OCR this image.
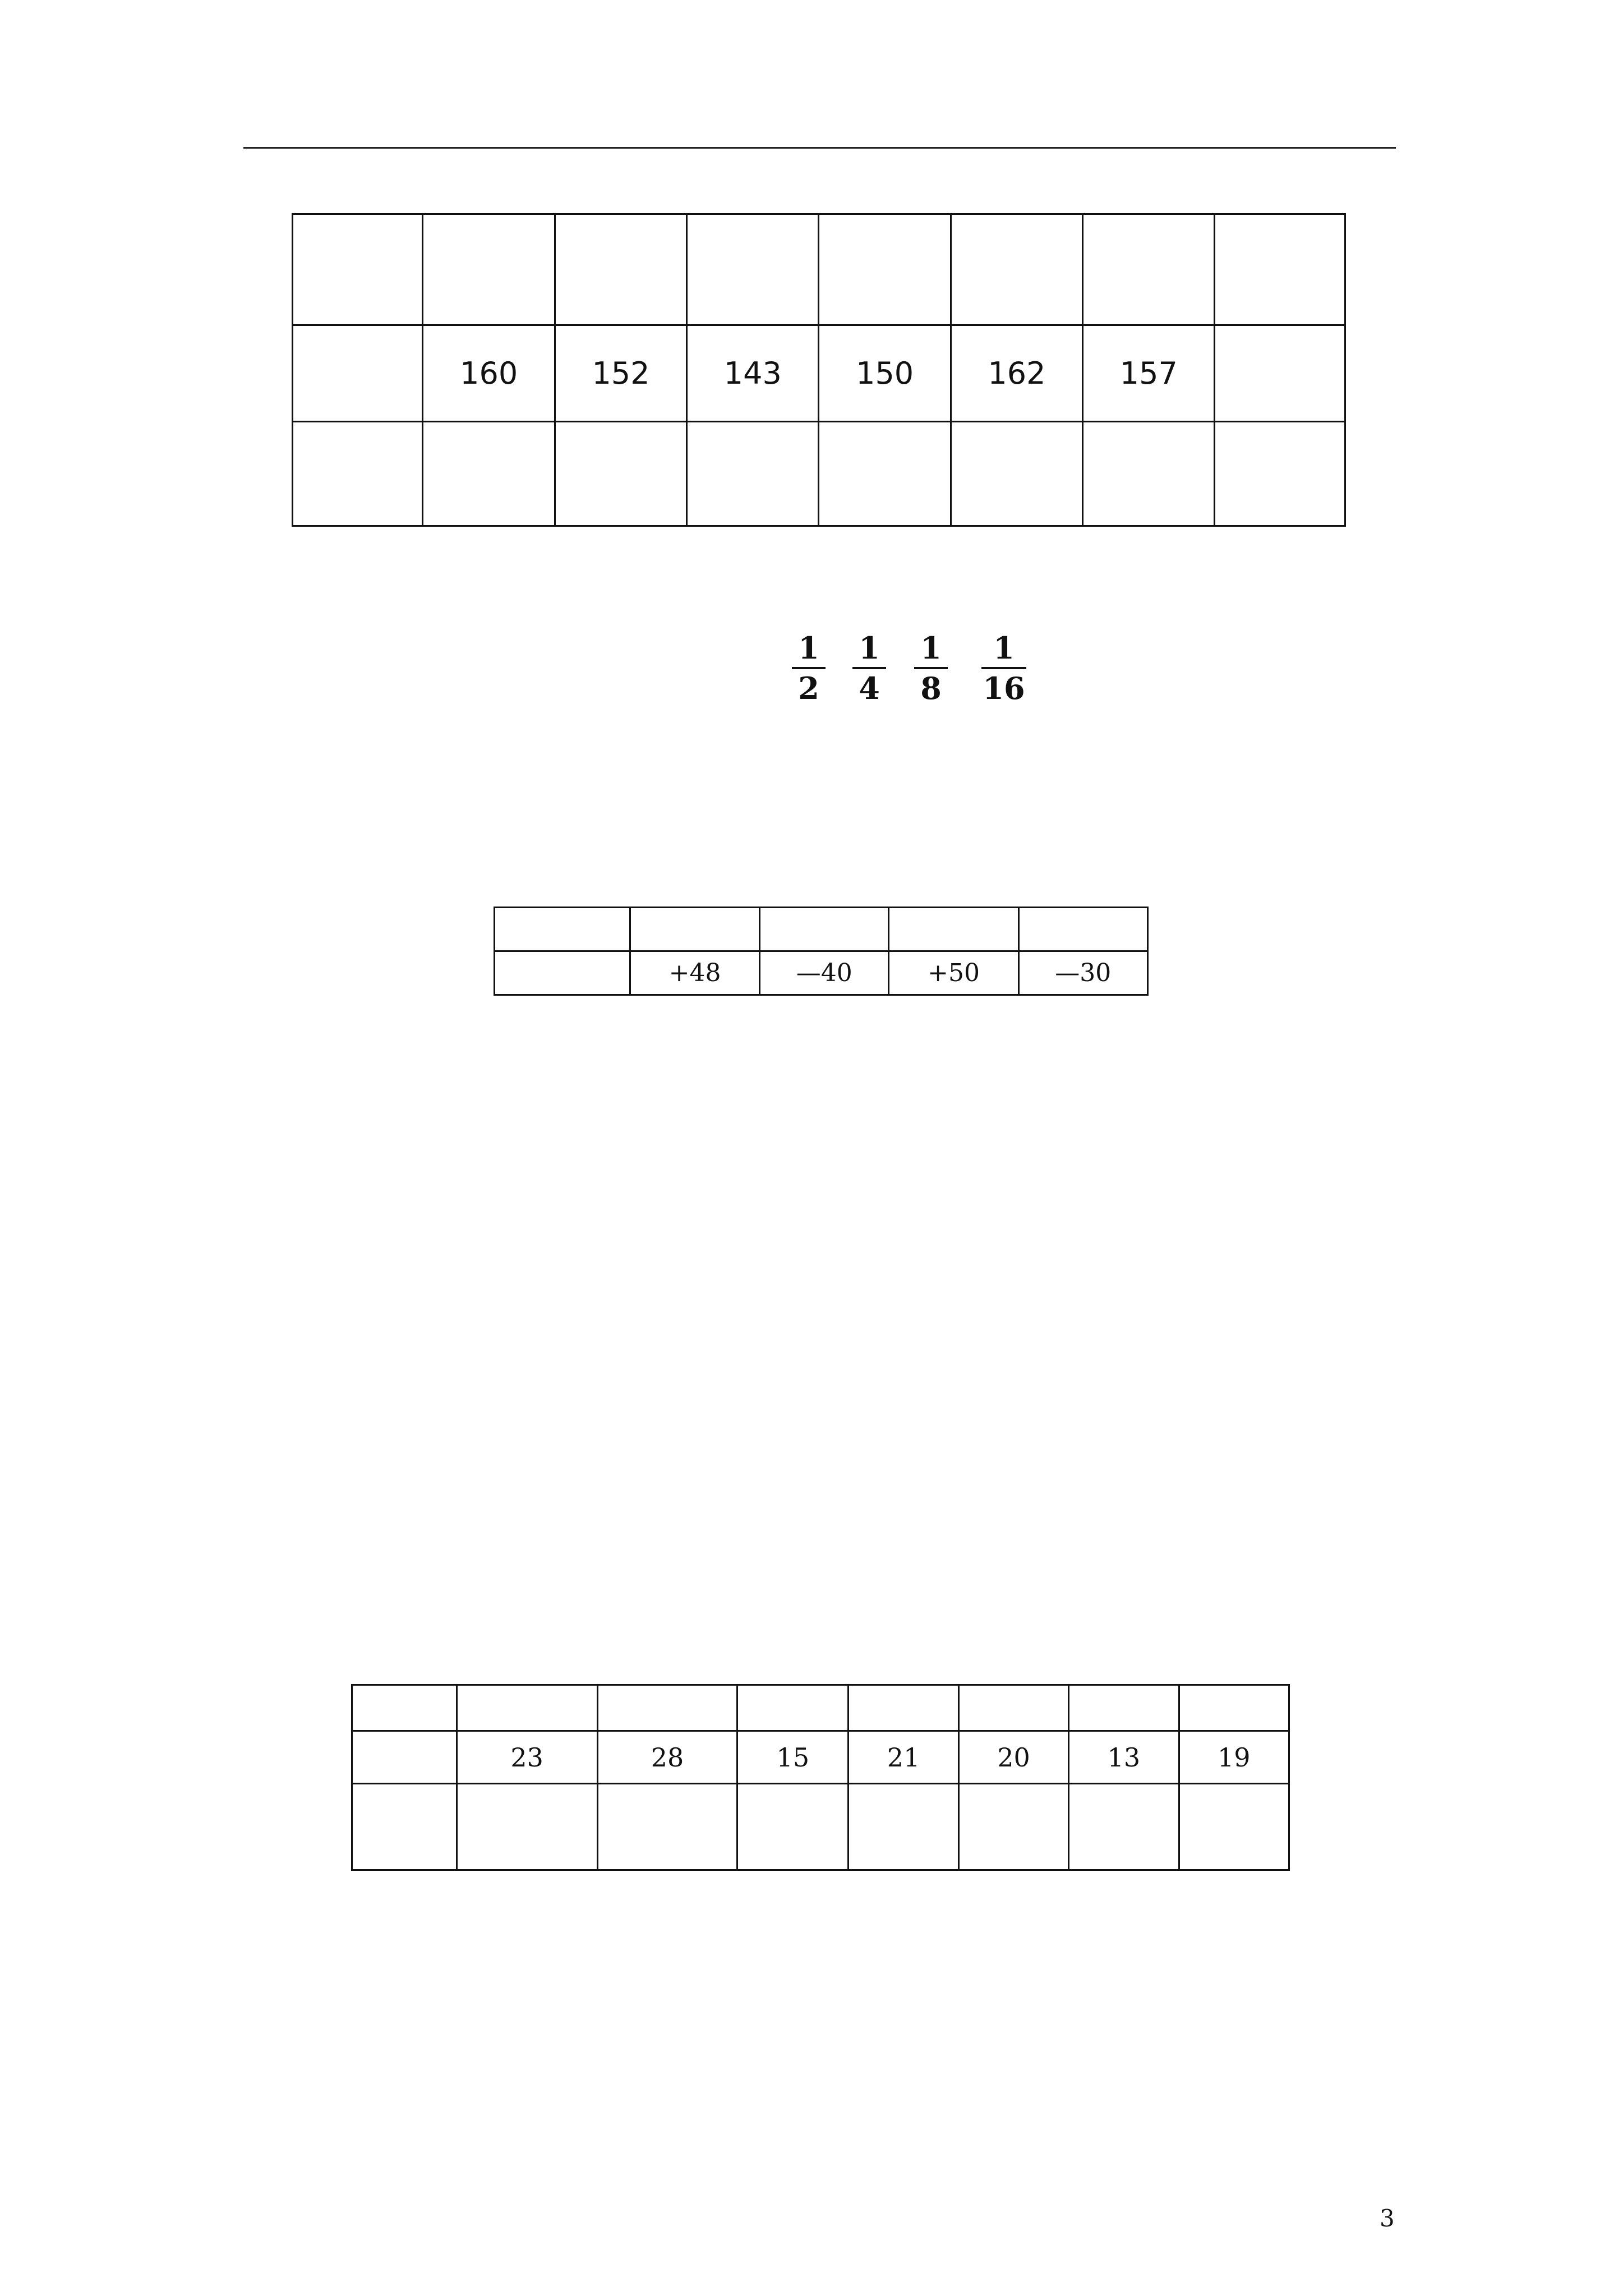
	160	152	143	150	162	157	

1
2
1
4
1
8
1
16

	+48	—40	+50	—30

	23	28	15	21	20	13	19

3
